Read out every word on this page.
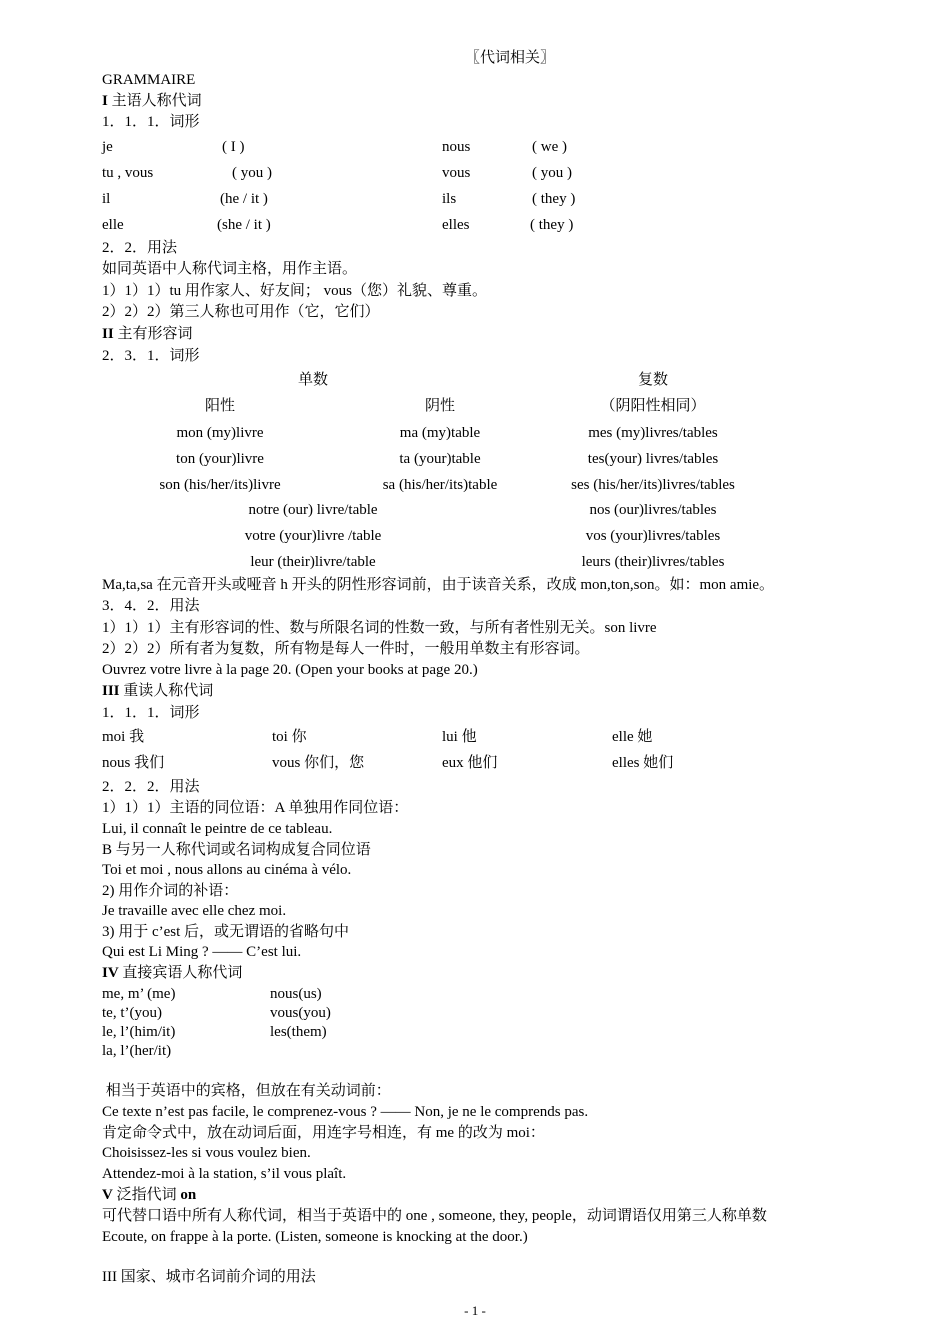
〖代词相关〗
GRAMMAIRE
I 主语人称代词
1．1．1．词形
je	( I )	nous	( we )
tu , vous	( you )	vous	( you )
il	(he / it )	ils	( they )
elle	(she / it )	elles	( they )
2．2．用法
如同英语中人称代词主格，用作主语。
1）1）1）tu 用作家人、好友间； vous（您）礼貌、尊重。
2）2）2）第三人称也可用作（它，它们）
II 主有形容词
2．3．1．词形
单数	复数
阳性	阴性	（阴阳性相同）
mon (my)livre	ma (my)table	mes (my)livres/tables
ton (your)livre	ta (your)table	tes(your) livres/tables
son (his/her/its)livre	sa (his/her/its)table	ses (his/her/its)livres/tables
notre (our) livre/table	nos (our)livres/tables
votre (your)livre /table	vos (your)livres/tables
leur (their)livre/table	leurs (their)livres/tables
Ma,ta,sa 在元音开头或哑音 h 开头的阴性形容词前，由于读音关系，改成 mon,ton,son。如：mon amie。
3．4．2．用法
1）1）1）主有形容词的性、数与所限名词的性数一致，与所有者性别无关。son livre
2）2）2）所有者为复数，所有物是每人一件时，一般用单数主有形容词。
Ouvrez votre livre à la page 20. (Open your books at page 20.)
III 重读人称代词
1．1．1．词形
moi 我	toi 你	lui 他	elle 她
nous 我们	vous 你们，您	eux 他们	elles 她们
2．2．2．用法
1）1）1）主语的同位语：A 单独用作同位语：
Lui, il connaît le peintre de ce tableau.
B 与另一人称代词或名词构成复合同位语
Toi et moi , nous allons au cinéma à vélo.
2) 用作介词的补语：
Je travaille avec elle chez moi.
3) 用于 c’est 后，或无谓语的省略句中
Qui est Li Ming ? —— C’est lui.
IV 直接宾语人称代词
me, m’ (me)	nous(us)
te, t’(you)	vous(you)
le, l’(him/it)	les(them)
la, l’(her/it)
相当于英语中的宾格，但放在有关动词前：
Ce texte n’est pas facile, le comprenez-vous ? —— Non, je ne le comprends pas.
肯定命令式中，放在动词后面，用连字号相连，有 me 的改为 moi：
Choisissez-les si vous voulez bien.
Attendez-moi à la station, s’il vous plaît.
V 泛指代词 on
可代替口语中所有人称代词，相当于英语中的 one , someone, they, people，动词谓语仅用第三人称单数
Ecoute, on frappe à la porte. (Listen, someone is knocking at the door.)
III 国家、城市名词前介词的用法
- 1 -
